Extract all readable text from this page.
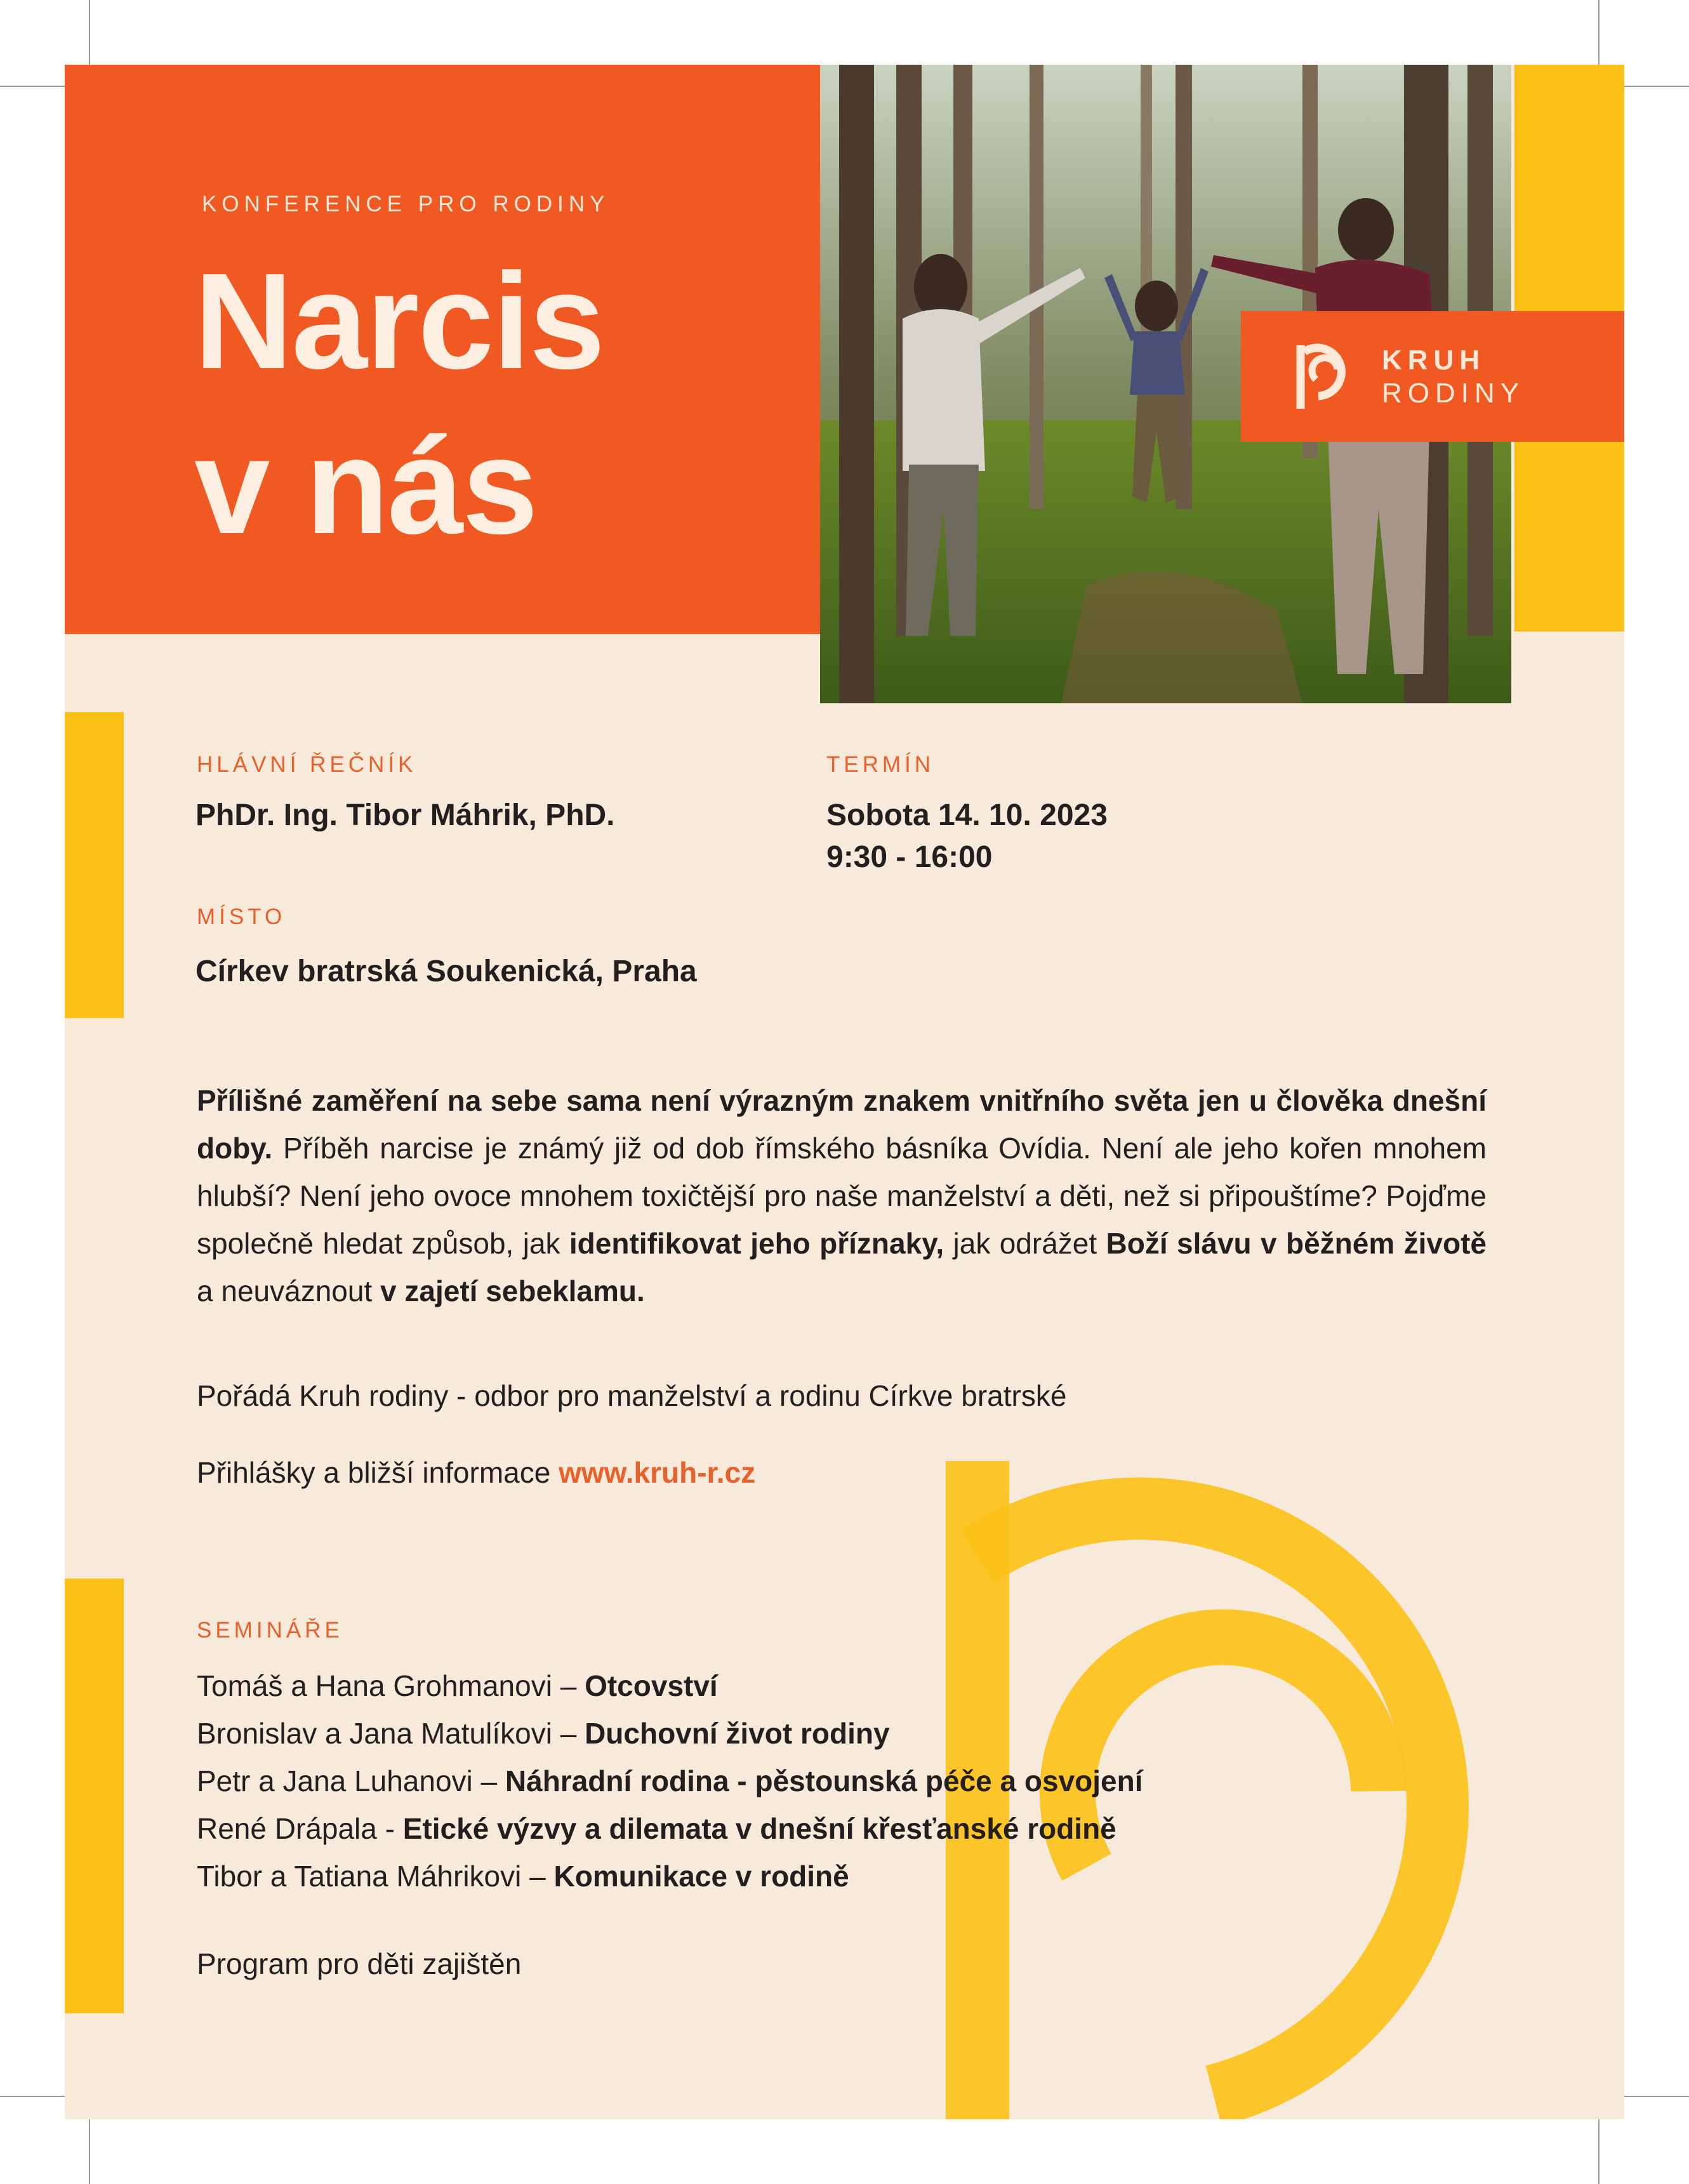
KONFERENCE PRO RODINY
Narcis
v nás
KRUH
RODINY
HLÁVNÍ ŘEČNÍK
PhDr. Ing. Tibor Máhrik, PhD.
TERMÍN
Sobota 14. 10. 2023
9:30 - 16:00
MÍSTO
Církev bratrská Soukenická, Praha
Přílišné zaměření na sebe sama není výrazným znakem vnitřního světa jen u člověka dnešní doby. Příběh narcise je známý již od dob římského básníka Ovídia. Není ale jeho kořen mnohem hlubší? Není jeho ovoce mnohem toxičtější pro naše manželství a děti, než si připouštíme? Pojďme společně hledat způsob, jak identifikovat jeho příznaky, jak odrážet Boží slávu v běžném životě a neuváznout v zajetí sebeklamu.
Pořádá Kruh rodiny - odbor pro manželství a rodinu Církve bratrské
Přihlášky a bližší informace www.kruh-r.cz
SEMINÁŘE
Tomáš a Hana Grohmanovi – Otcovství
Bronislav a Jana Matulíkovi – Duchovní život rodiny
Petr a Jana Luhanovi – Náhradní rodina - pěstounská péče a osvojení
René Drápala - Etické výzvy a dilemata v dnešní křesťanské rodině
Tibor a Tatiana Máhrikovi – Komunikace v rodině
Program pro děti zajištěn
